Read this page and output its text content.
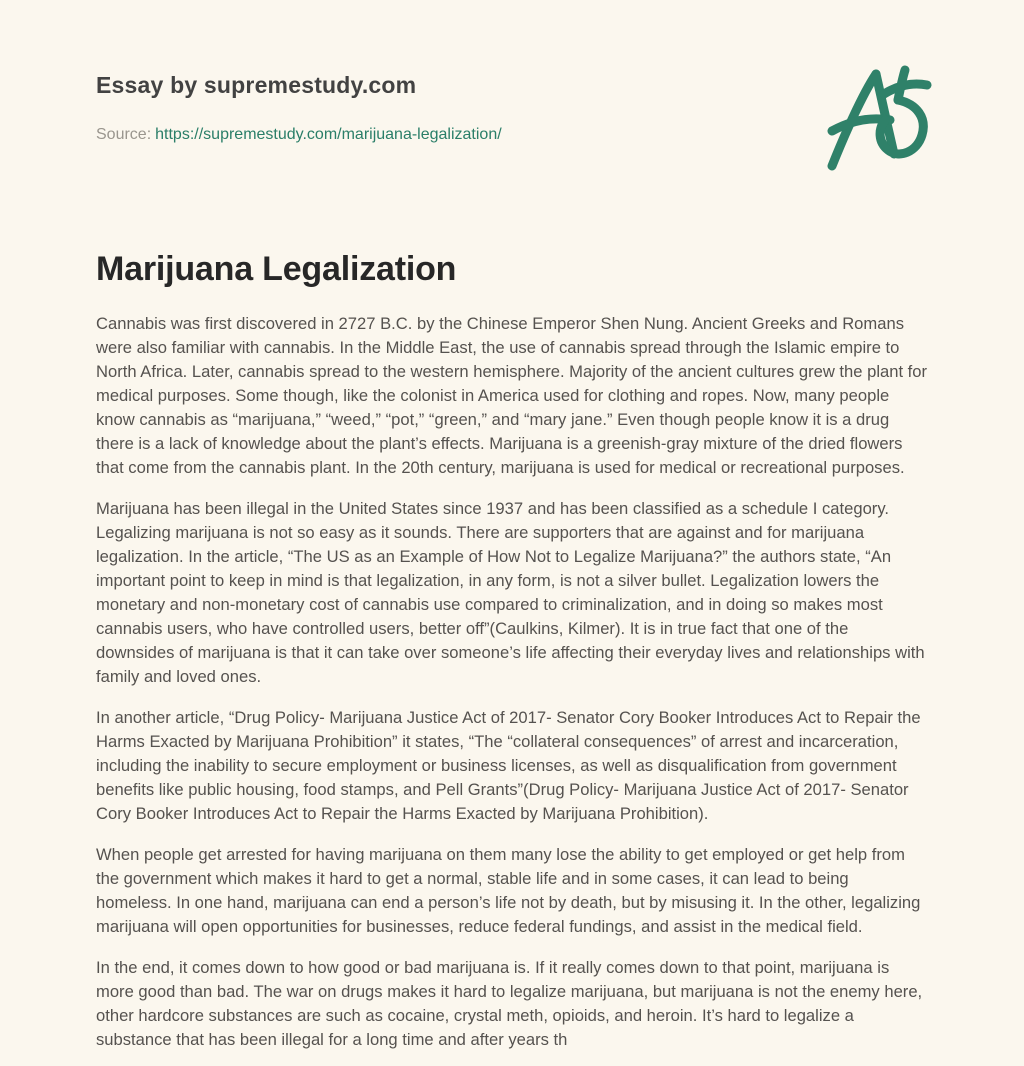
Essay by supremestudy.com
Source: https://supremestudy.com/marijuana-legalization/
Marijuana Legalization

Cannabis was first discovered in 2727 B.C. by the Chinese Emperor Shen Nung. Ancient Greeks and Romans were also familiar with cannabis. In the Middle East, the use of cannabis spread through the Islamic empire to North Africa. Later, cannabis spread to the western hemisphere. Majority of the ancient cultures grew the plant for medical purposes. Some though, like the colonist in America used for clothing and ropes. Now, many people know cannabis as “marijuana,” “weed,” “pot,” “green,” and “mary jane.” Even though people know it is a drug there is a lack of knowledge about the plant’s effects. Marijuana is a greenish-gray mixture of the dried flowers that come from the cannabis plant. In the 20th century, marijuana is used for medical or recreational purposes.

Marijuana has been illegal in the United States since 1937 and has been classified as a schedule I category. Legalizing marijuana is not so easy as it sounds. There are supporters that are against and for marijuana legalization. In the article, “The US as an Example of How Not to Legalize Marijuana?” the authors state, “An important point to keep in mind is that legalization, in any form, is not a silver bullet. Legalization lowers the monetary and non-monetary cost of cannabis use compared to criminalization, and in doing so makes most cannabis users, who have controlled users, better off”(Caulkins, Kilmer). It is in true fact that one of the downsides of marijuana is that it can take over someone’s life affecting their everyday lives and relationships with family and loved ones.

In another article, “Drug Policy- Marijuana Justice Act of 2017- Senator Cory Booker Introduces Act to Repair the Harms Exacted by Marijuana Prohibition” it states, “The “collateral consequences” of arrest and incarceration, including the inability to secure employment or business licenses, as well as disqualification from government benefits like public housing, food stamps, and Pell Grants”(Drug Policy- Marijuana Justice Act of 2017- Senator Cory Booker Introduces Act to Repair the Harms Exacted by Marijuana Prohibition).

When people get arrested for having marijuana on them many lose the ability to get employed or get help from the government which makes it hard to get a normal, stable life and in some cases, it can lead to being homeless. In one hand, marijuana can end a person’s life not by death, but by misusing it. In the other, legalizing marijuana will open opportunities for businesses, reduce federal fundings, and assist in the medical field.

In the end, it comes down to how good or bad marijuana is. If it really comes down to that point, marijuana is more good than bad. The war on drugs makes it hard to legalize marijuana, but marijuana is not the enemy here, other hardcore substances are such as cocaine, crystal meth, opioids, and heroin. It’s hard to legalize a substance that has been illegal for a long time and after years th
